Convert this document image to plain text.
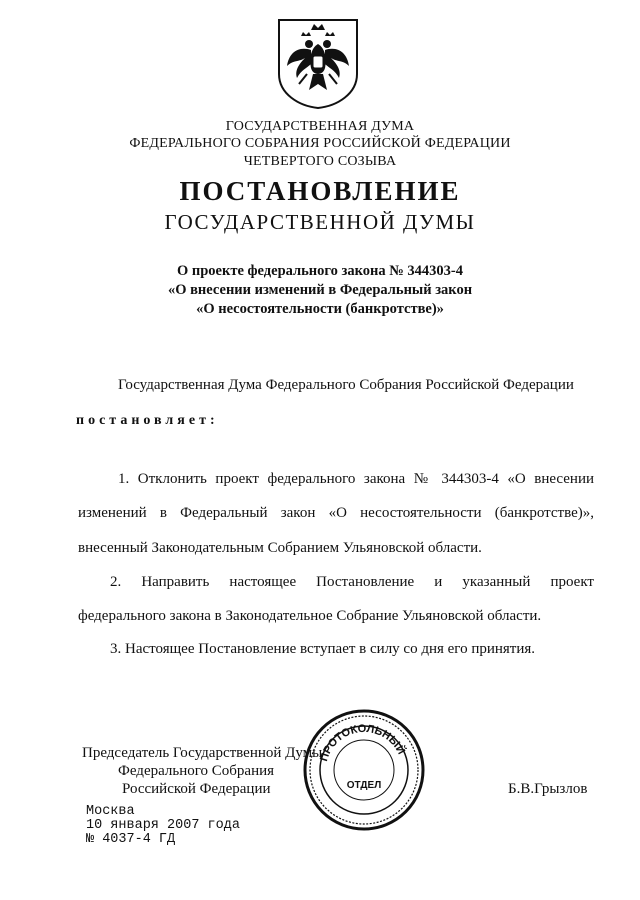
ГОСУДАРСТВЕННАЯ ДУМА
ФЕДЕРАЛЬНОГО СОБРАНИЯ РОССИЙСКОЙ ФЕДЕРАЦИИ
ЧЕТВЕРТОГО СОЗЫВА
ПОСТАНОВЛЕНИЕ
ГОСУДАРСТВЕННОЙ ДУМЫ
О проекте федерального закона № 344303-4
«О внесении изменений в Федеральный закон
«О несостоятельности (банкротстве)»
Государственная Дума Федерального Собрания Российской Федерации
постановляет:
1. Отклонить проект федерального закона № 344303-4 «О внесении
изменений в Федеральный закон «О несостоятельности (банкротстве)»,
внесенный Законодательным Собранием Ульяновской области.
2. Направить настоящее Постановление и указанный проект
федерального закона в Законодательное Собрание Ульяновской области.
3. Настоящее Постановление вступает в силу со дня его принятия.
ПРОТОКОЛЬНЫЙ
ОТДЕЛ
Председатель Государственной Думы
Федерального Собрания
Российской Федерации	Б.В.Грызлов
Москва
10 января 2007 года
№ 4037-4 ГД
